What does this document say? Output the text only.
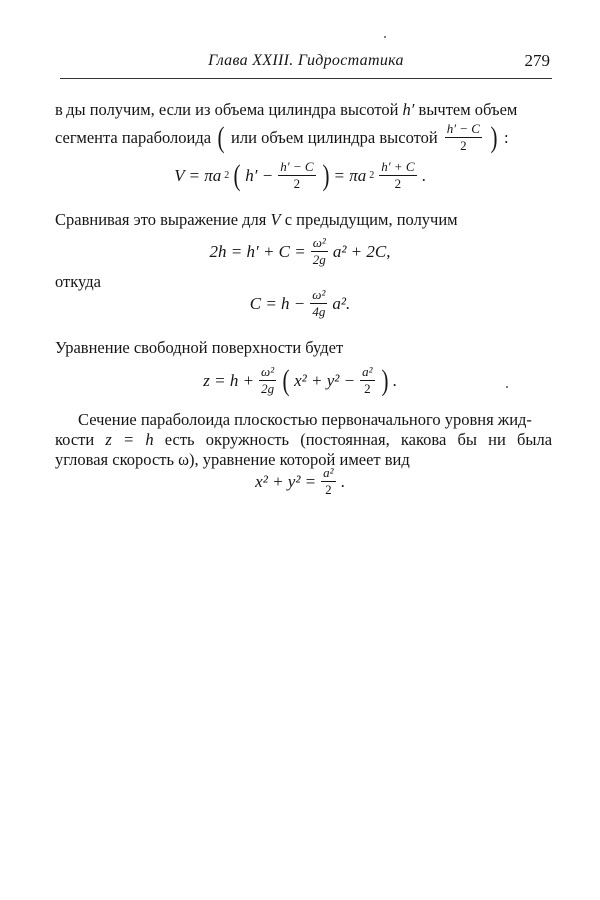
Глава XXIII. Гидростатика	279
в  ды получим, если из объема цилиндра высотой h′ вычтем объем
сегмента параболоида ( или объем цилиндра высотой $\frac{h' - C}{2}$ ) :
V = πa 2 ( $h' - \frac{h' - C}{2}$ ) = πa $2 \frac{h' + C}{2}$ .
Сравнивая это выражение для V с предыдущим, получим
$2h = h' + C = \frac{\text{ω²}}{2g} a^2 + 2C$,
откуда
$C = h - \frac{\text{ω²}}{4g} a^2$.
Уравнение свободной поверхности будет
$z = h + \frac{\text{ω²}}{2g}$ ( $x^2 + y^2 - \frac{\text{a²}}{2}$ ) .
Сечение параболоида плоскостью первоначального уровня жид-
кости z = h есть окружность (постоянная, какова бы ни была
угловая скорость ω), уравнение которой имеет вид
$x^2 + y^2 = \frac{\text{a²}}{2}$ .
